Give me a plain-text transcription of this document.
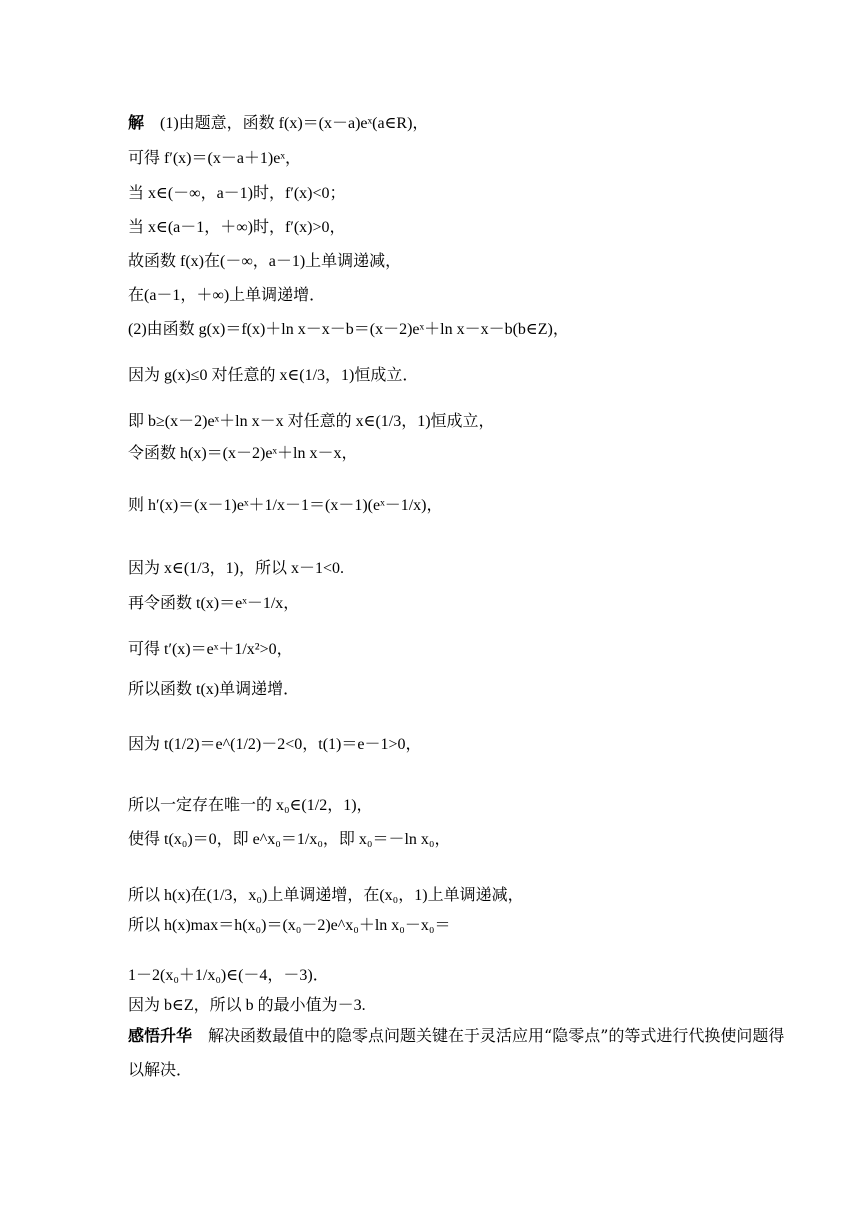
解　(1)由题意，函数 f(x)＝(x－a)eˣ(a∈R)，
可得 f′(x)＝(x－a＋1)eˣ，
当 x∈(－∞，a－1)时，f′(x)<0；
当 x∈(a－1，＋∞)时，f′(x)>0，
故函数 f(x)在(－∞，a－1)上单调递减，
在(a－1，＋∞)上单调递增．
(2)由函数 g(x)＝f(x)＋ln x－x－b＝(x－2)eˣ＋ln x－x－b(b∈Z)，
因为 g(x)≤0 对任意的 x∈(1/3，1)恒成立．
即 b≥(x－2)eˣ＋ln x－x 对任意的 x∈(1/3，1)恒成立，
令函数 h(x)＝(x－2)eˣ＋ln x－x，
则 h′(x)＝(x－1)eˣ＋1/x－1＝(x－1)(eˣ－1/x)，
因为 x∈(1/3，1)，所以 x－1<0.
再令函数 t(x)＝eˣ－1/x，
可得 t′(x)＝eˣ＋1/x²>0，
所以函数 t(x)单调递增．
因为 t(1/2)＝e^(1/2)－2<0，t(1)＝e－1>0，
所以一定存在唯一的 x₀∈(1/2，1)，
使得 t(x₀)＝0，即 e^x₀＝1/x₀，即 x₀＝－ln x₀，
所以 h(x)在(1/3，x₀)上单调递增，在(x₀，1)上单调递减，
所以 h(x)max＝h(x₀)＝(x₀－2)e^x₀＋ln x₀－x₀＝
1－2(x₀＋1/x₀)∈(－4，－3)．
因为 b∈Z，所以 b 的最小值为－3.
感悟升华　解决函数最值中的隐零点问题关键在于灵活应用“隐零点”的等式进行代换使问题得以解决．
